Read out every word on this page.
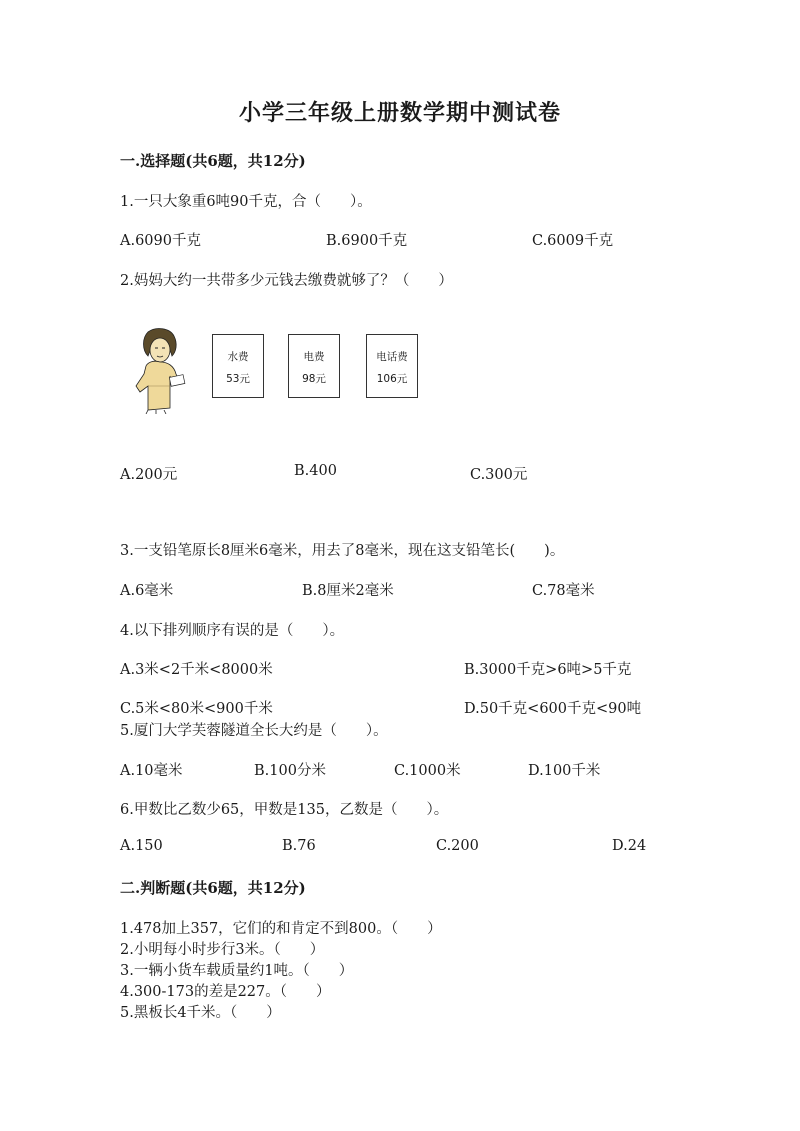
小学三年级上册数学期中测试卷
一.选择题(共6题，共12分)
1.一只大象重6吨90千克，合（　　）。
A.6090千克	B.6900千克	C.6009千克
2.妈妈大约一共带多少元钱去缴费就够了？（　　）
水费
53元
电费
98元
电话费
106元
A.200元	B.400	C.300元
3.一支铅笔原长8厘米6毫米，用去了8毫米，现在这支铅笔长(　　)。
A.6毫米	B.8厘米2毫米	C.78毫米
4.以下排列顺序有误的是（　　）。
A.3米<2千米<8000米	B.3000千克>6吨>5千克
C.5米<80米<900千米	D.50千克<600千克<90吨
5.厦门大学芙蓉隧道全长大约是（　　）。
A.10毫米	B.100分米	C.1000米	D.100千米
6.甲数比乙数少65，甲数是135，乙数是（　　）。
A.150	B.76	C.200	D.24
二.判断题(共6题，共12分)
1.478加上357，它们的和肯定不到800。（　　）
2.小明每小时步行3米。（　　）
3.一辆小货车载质量约1吨。（　　）
4.300-173的差是227。（　　）
5.黑板长4千米。（　　）
